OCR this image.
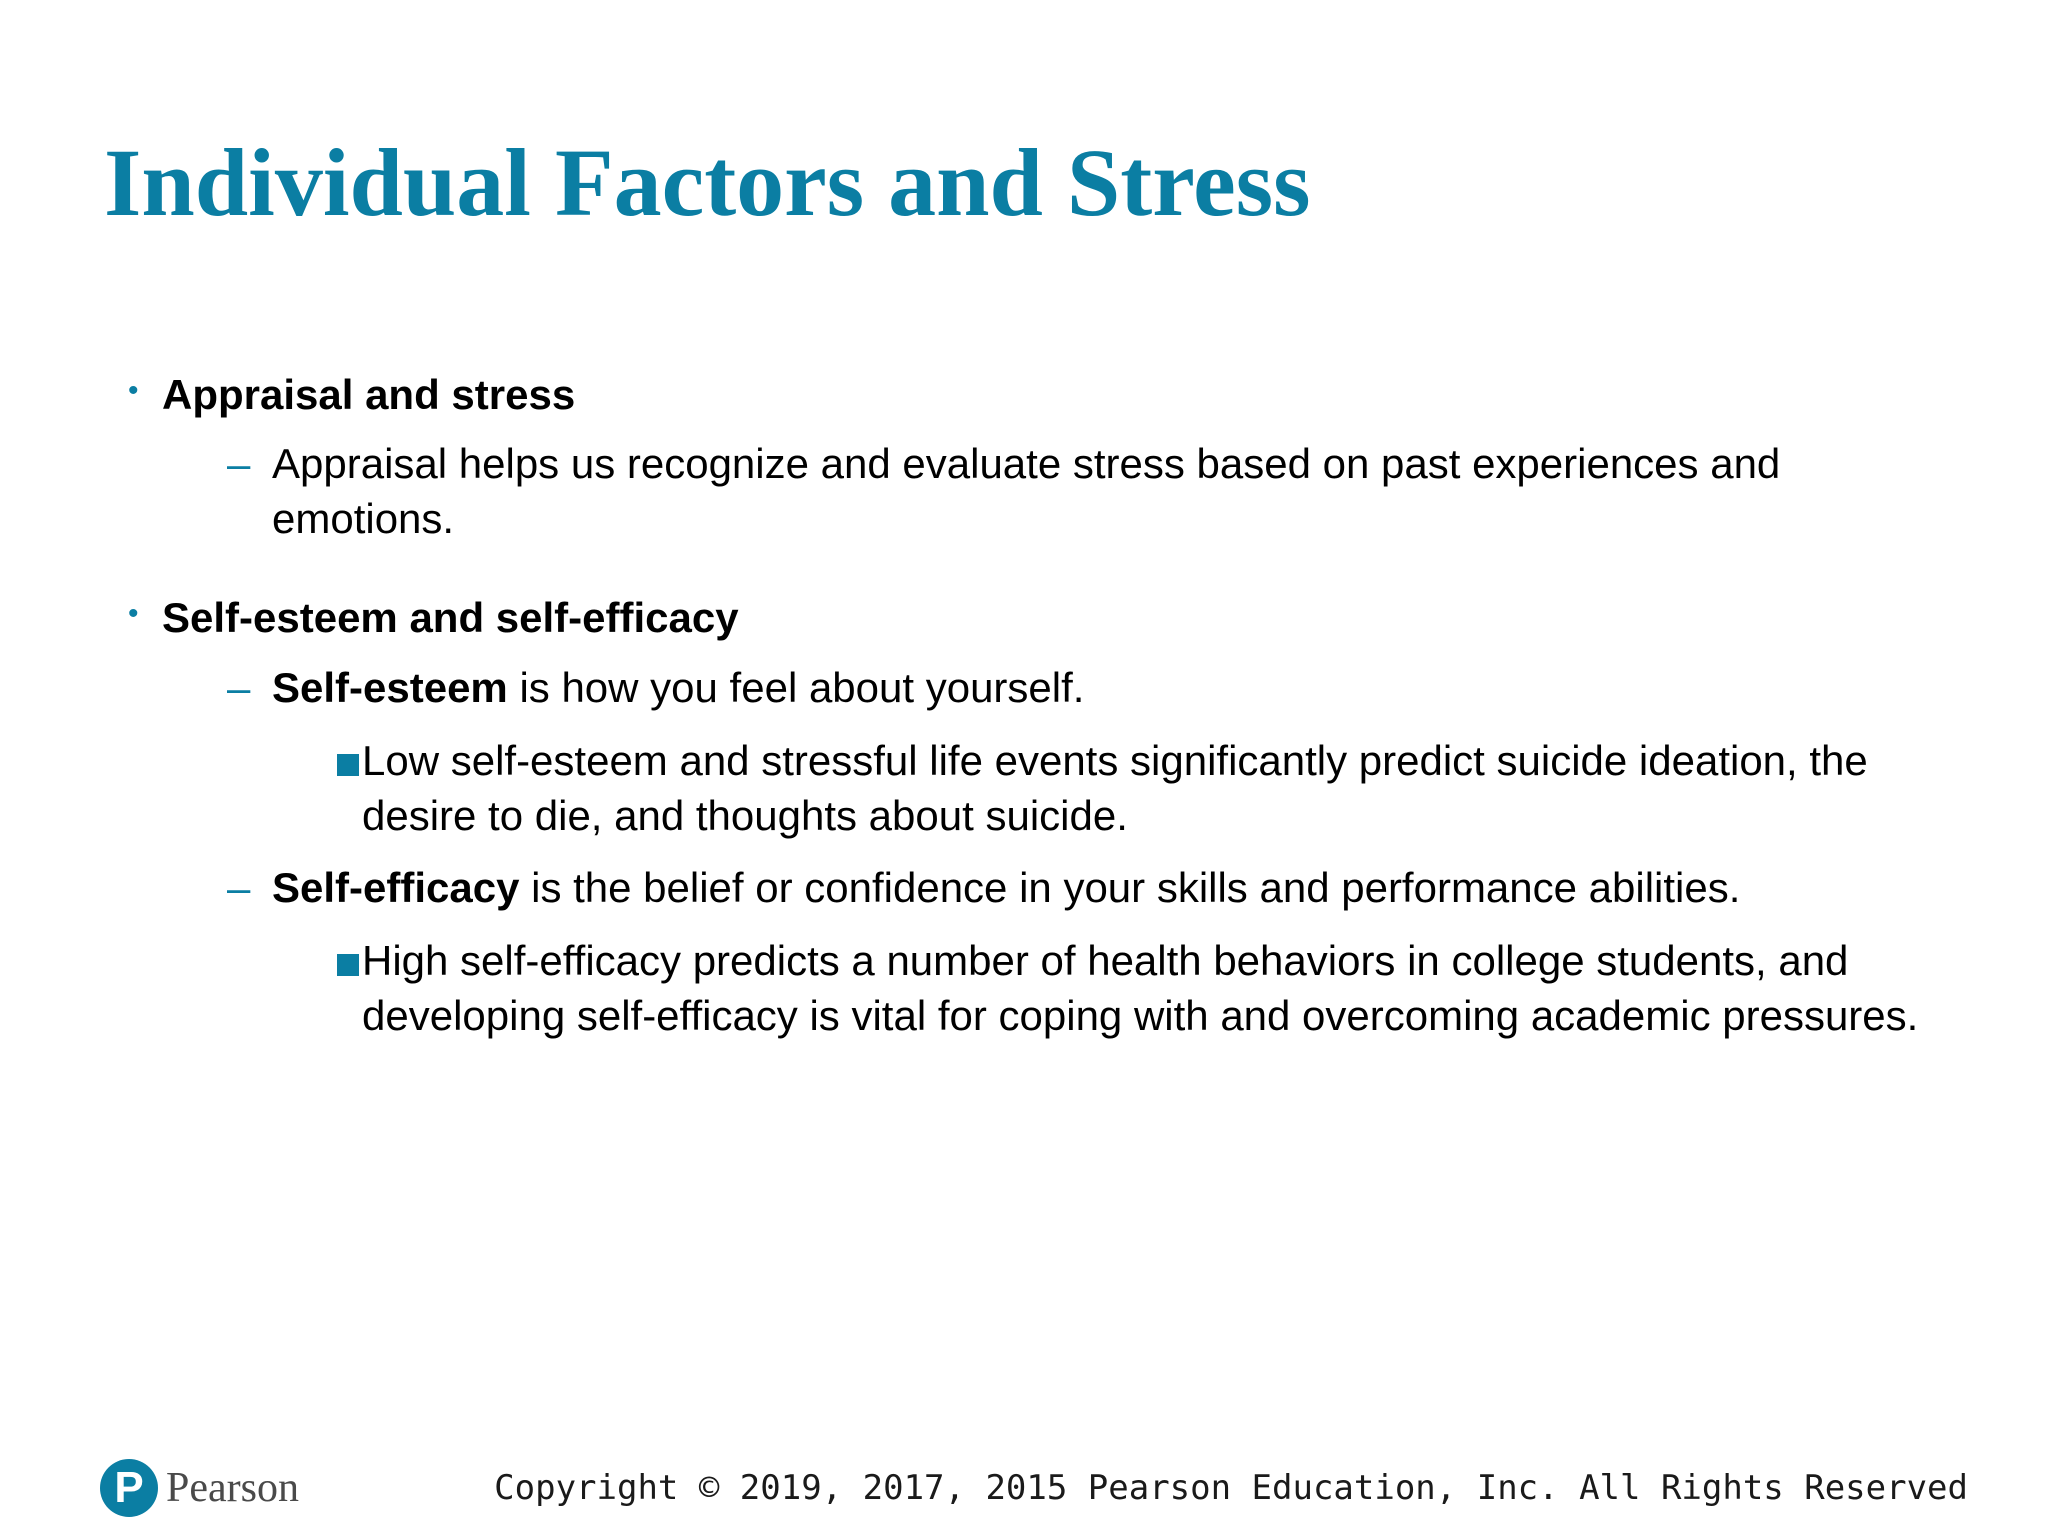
Individual Factors and Stress
• Appraisal and stress
– Appraisal helps us recognize and evaluate stress based on past experiences and emotions.
• Self-esteem and self-efficacy
– Self-esteem is how you feel about yourself.
Low self-esteem and stressful life events significantly predict suicide ideation, the desire to die, and thoughts about suicide.
– Self-efficacy is the belief or confidence in your skills and performance abilities.
High self-efficacy predicts a number of health behaviors in college students, and developing self-efficacy is vital for coping with and overcoming academic pressures.
P Pearson	Copyright © 2019, 2017, 2015 Pearson Education, Inc. All Rights Reserved
